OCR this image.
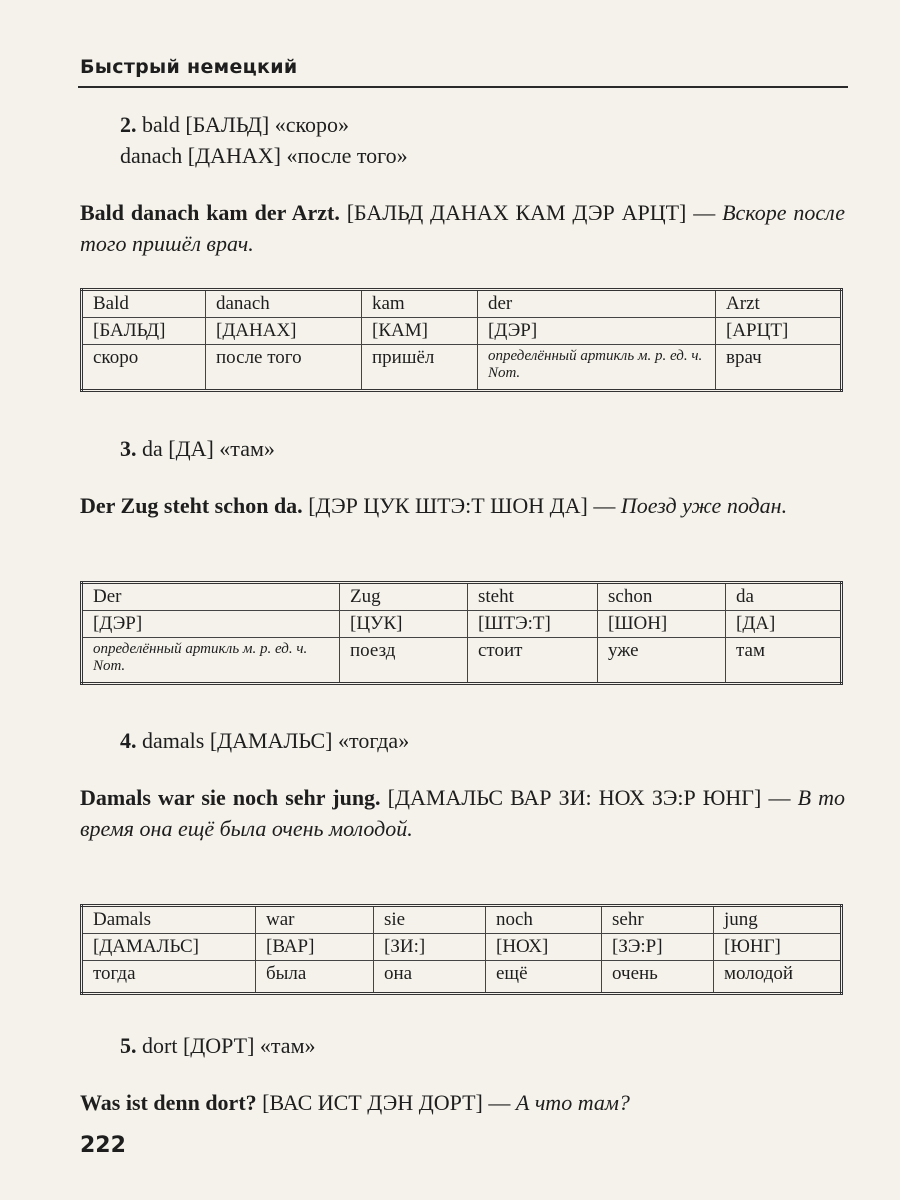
Быстрый немецкий
2. bald [БАЛЬД] «скоро»
danach [ДАНАХ] «после того»
Bald danach kam der Arzt. [БАЛЬД ДАНАХ КАМ ДЭР АРЦТ] — Вскоре после того пришёл врач.
Bald	danach	kam	der	Arzt
[БАЛЬД]	[ДАНАХ]	[КАМ]	[ДЭР]	[АРЦТ]
скоро	после того	пришёл	определённый артикль м. р. ед. ч. Nom.	врач
3. da [ДА] «там»
Der Zug steht schon da. [ДЭР ЦУК ШТЭ:Т ШОН ДА] — Поезд уже подан.
Der	Zug	steht	schon	da
[ДЭР]	[ЦУК]	[ШТЭ:Т]	[ШОН]	[ДА]
определённый артикль м. р. ед. ч. Nom.	поезд	стоит	уже	там
4. damals [ДАМАЛЬС] «тогда»
Damals war sie noch sehr jung. [ДАМАЛЬС ВАР ЗИ: НОХ ЗЭ:Р ЮНГ] — В то время она ещё была очень молодой.
Damals	war	sie	noch	sehr	jung
[ДАМАЛЬС]	[ВАР]	[ЗИ:]	[НОХ]	[ЗЭ:Р]	[ЮНГ]
тогда	была	она	ещё	очень	молодой
5. dort [ДОРТ] «там»
Was ist denn dort? [ВАС ИСТ ДЭН ДОРТ] — А что там?
222
